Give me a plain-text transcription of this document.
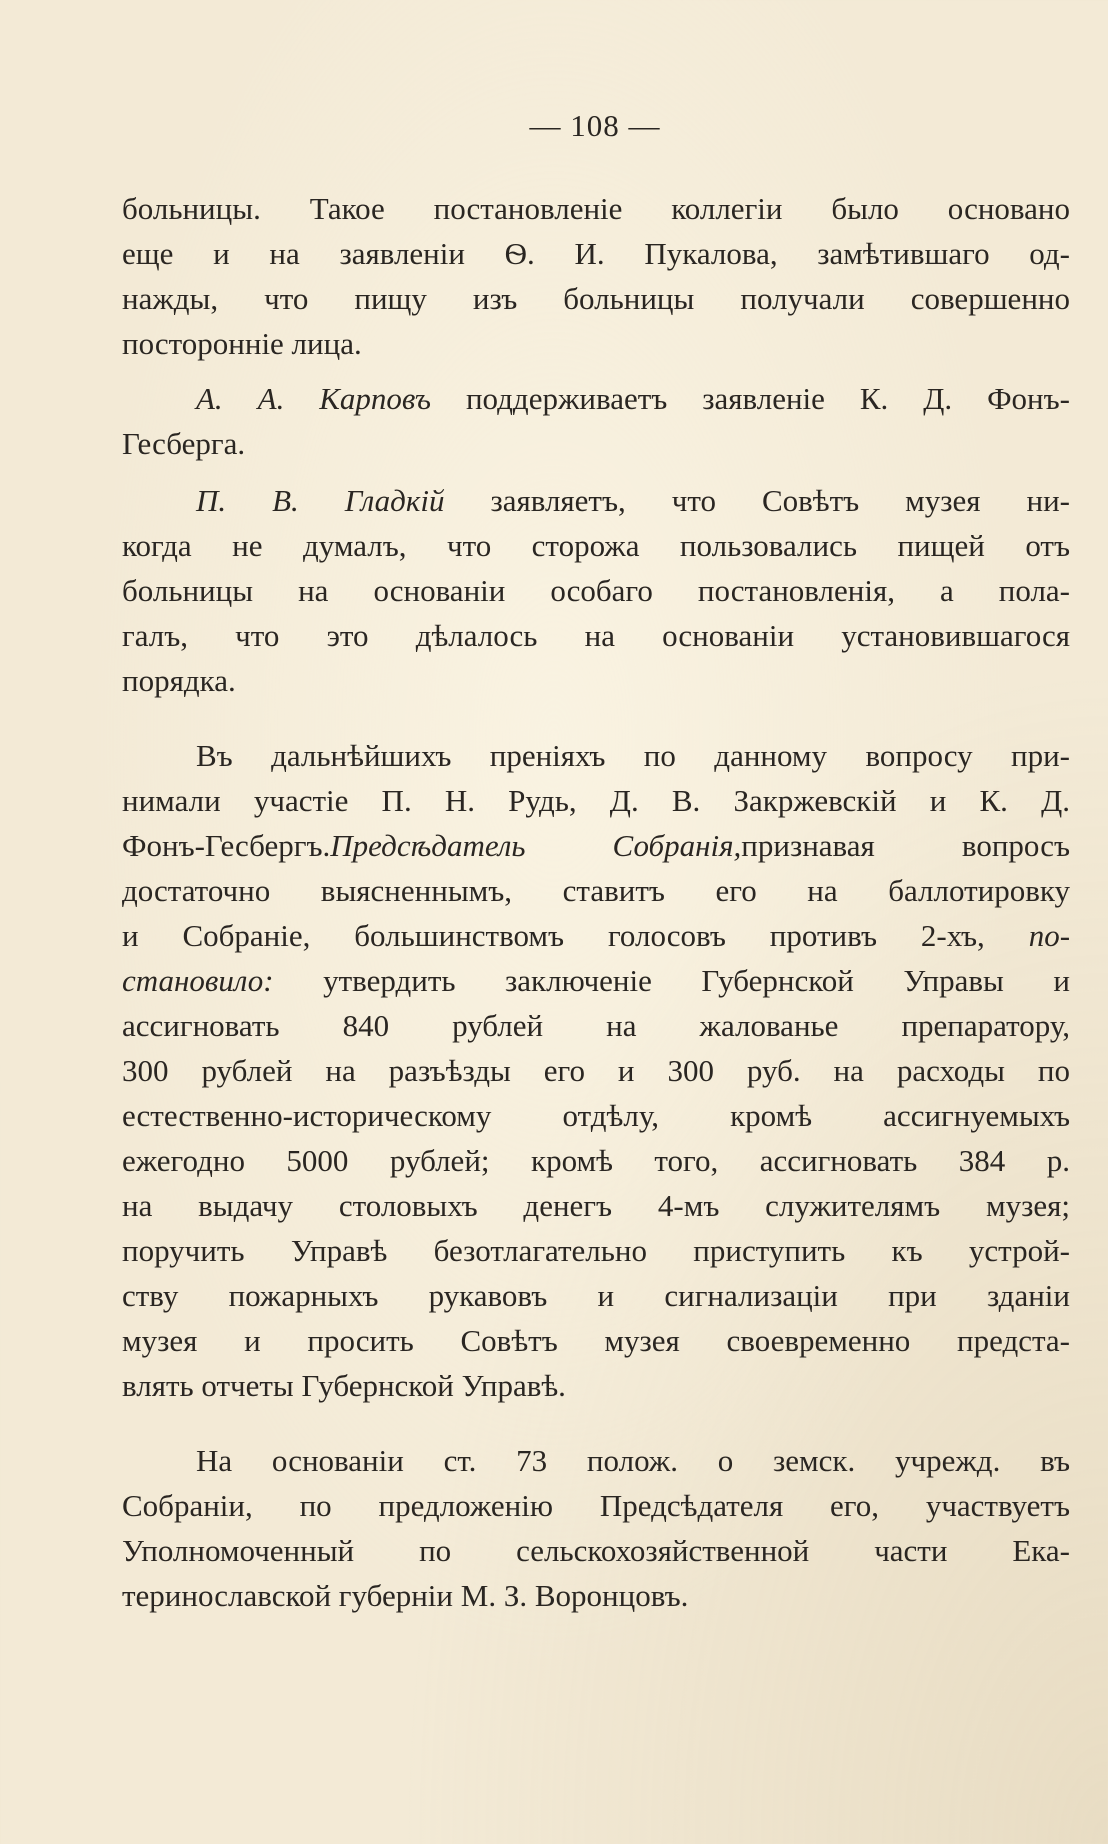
— 108 —
больницы. Такое постановленіе коллегіи было основано
еще и на заявленіи Ѳ. И. Пукалова, замѣтившаго од-
нажды, что пищу изъ больницы получали совершенно
посторонніе лица.
А. А. Карповъ поддерживаетъ заявленіе К. Д. Фонъ-
Гесберга.
П. В. Гладкій заявляетъ, что Совѣтъ музея ни-
когда не думалъ, что сторожа пользовались пищей отъ
больницы на основаніи особаго постановленія, а пола-
галъ, что это дѣлалось на основаніи установившагося
порядка.
Въ дальнѣйшихъ преніяхъ по данному вопросу при-
нимали участіе П. Н. Рудь, Д. В. Закржевскій и К. Д.
Фонъ-Гесбергъ.Предсѣдатель Собранія,признавая вопросъ
достаточно выясненнымъ, ставитъ его на баллотировку
и Собраніе, большинствомъ голосовъ противъ 2-хъ, по-
становило: утвердить заключеніе Губернской Управы и
ассигновать 840 рублей на жалованье препаратору,
300 рублей на разъѣзды его и 300 руб. на расходы по
естественно-историческому отдѣлу, кромѣ ассигнуемыхъ
ежегодно 5000 рублей; кромѣ того, ассигновать 384 р.
на выдачу столовыхъ денегъ 4-мъ служителямъ музея;
поручить Управѣ безотлагательно приступить къ устрой-
ству пожарныхъ рукавовъ и сигнализаціи при зданіи
музея и просить Совѣтъ музея своевременно предста-
влять отчеты Губернской Управѣ.
На основаніи ст. 73 полож. о земск. учрежд. въ
Собраніи, по предложенію Предсѣдателя его, участвуетъ
Уполномоченный по сельскохозяйственной части Ека-
теринославской губерніи М. З. Воронцовъ.
